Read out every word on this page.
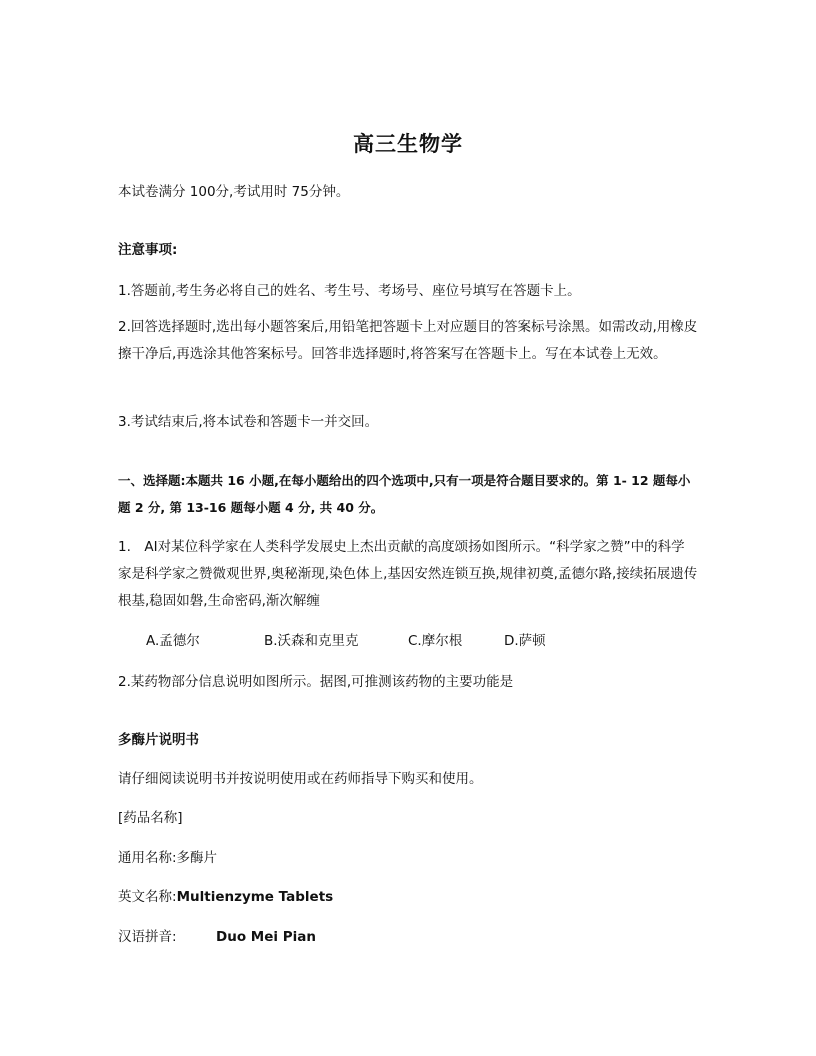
高三生物学
本试卷满分 100分,考试用时 75分钟。
注意事项:
1.答题前,考生务必将自己的姓名、考生号、考场号、座位号填写在答题卡上。
2.回答选择题时,选出每小题答案后,用铅笔把答题卡上对应题目的答案标号涂黑。如需改动,用橡皮擦干净后,再选涂其他答案标号。回答非选择题时,将答案写在答题卡上。写在本试卷上无效。
3.考试结束后,将本试卷和答题卡一并交回。
一、选择题:本题共 16 小题,在每小题给出的四个选项中,只有一项是符合题目要求的。第 1- 12 题每小题 2 分, 第 13-16 题每小题 4 分, 共 40 分。
1.　AI对某位科学家在人类科学发展史上杰出贡献的高度颂扬如图所示。“科学家之赞”中的科学家是科学家之赞微观世界,奥秘渐现,染色体上,基因安然连锁互换,规律初奠,孟德尔路,接续拓展遗传根基,稳固如磐,生命密码,渐次解缠
A.孟德尔	B.沃森和克里克	C.摩尔根	D.萨顿
2.某药物部分信息说明如图所示。据图,可推测该药物的主要功能是
多酶片说明书
请仔细阅读说明书并按说明使用或在药师指导下购买和使用。
[药品名称]
通用名称:多酶片
英文名称:Multienzyme Tablets
汉语拼音:	Duo Mei Pian
